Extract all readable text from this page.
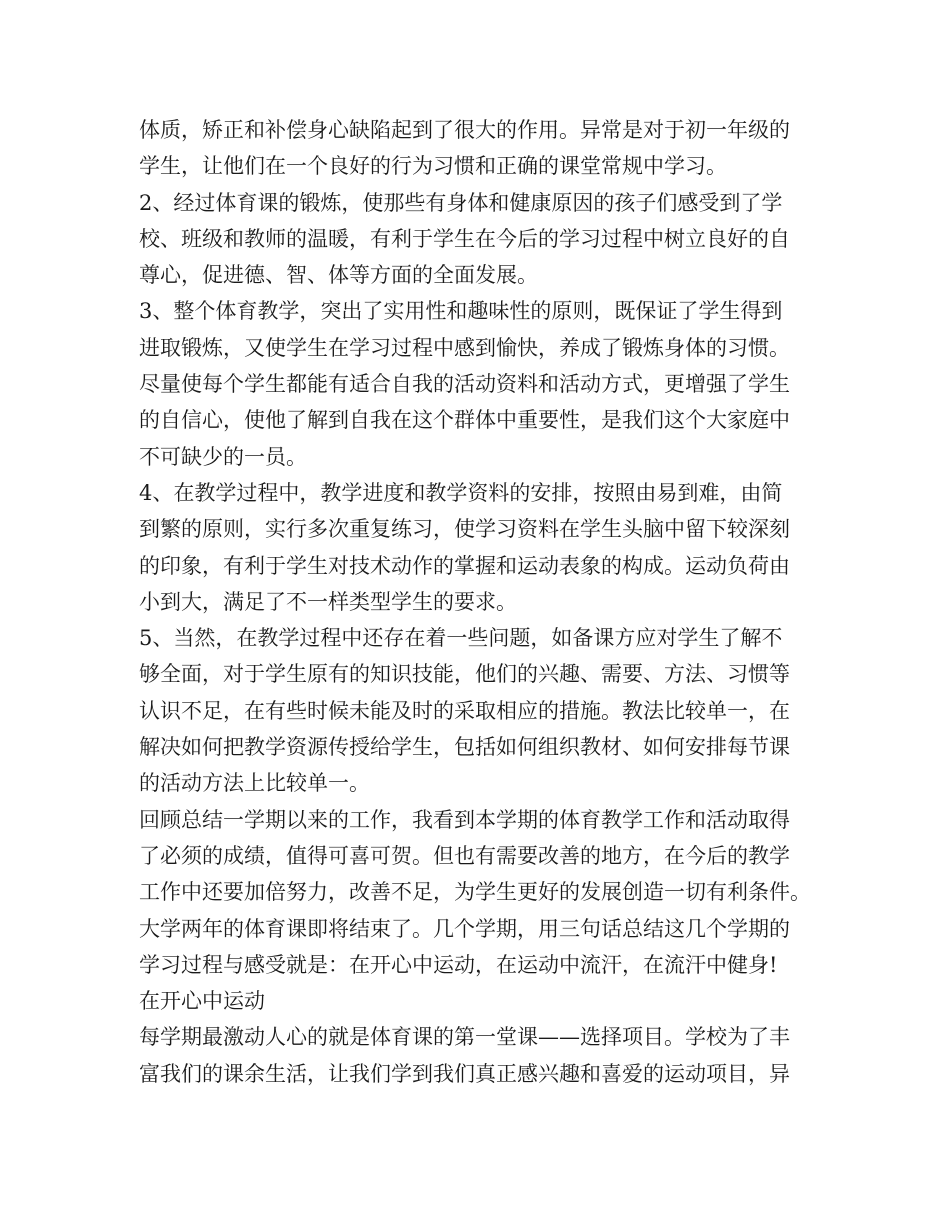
体质，矫正和补偿身心缺陷起到了很大的作用。异常是对于初一年级的
学生，让他们在一个良好的行为习惯和正确的课堂常规中学习。
2、经过体育课的锻炼，使那些有身体和健康原因的孩子们感受到了学
校、班级和教师的温暖，有利于学生在今后的学习过程中树立良好的自
尊心，促进德、智、体等方面的全面发展。
3、整个体育教学，突出了实用性和趣味性的原则，既保证了学生得到
进取锻炼，又使学生在学习过程中感到愉快，养成了锻炼身体的习惯。
尽量使每个学生都能有适合自我的活动资料和活动方式，更增强了学生
的自信心，使他了解到自我在这个群体中重要性，是我们这个大家庭中
不可缺少的一员。
4、在教学过程中，教学进度和教学资料的安排，按照由易到难，由简
到繁的原则，实行多次重复练习，使学习资料在学生头脑中留下较深刻
的印象，有利于学生对技术动作的掌握和运动表象的构成。运动负荷由
小到大，满足了不一样类型学生的要求。
5、当然，在教学过程中还存在着一些问题，如备课方应对学生了解不
够全面，对于学生原有的知识技能，他们的兴趣、需要、方法、习惯等
认识不足，在有些时候未能及时的采取相应的措施。教法比较单一，在
解决如何把教学资源传授给学生，包括如何组织教材、如何安排每节课
的活动方法上比较单一。
回顾总结一学期以来的工作，我看到本学期的体育教学工作和活动取得
了必须的成绩，值得可喜可贺。但也有需要改善的地方，在今后的教学
工作中还要加倍努力，改善不足，为学生更好的发展创造一切有利条件。
大学两年的体育课即将结束了。几个学期，用三句话总结这几个学期的
学习过程与感受就是：在开心中运动，在运动中流汗，在流汗中健身!
在开心中运动
每学期最激动人心的就是体育课的第一堂课——选择项目。学校为了丰
富我们的课余生活，让我们学到我们真正感兴趣和喜爱的运动项目，异
